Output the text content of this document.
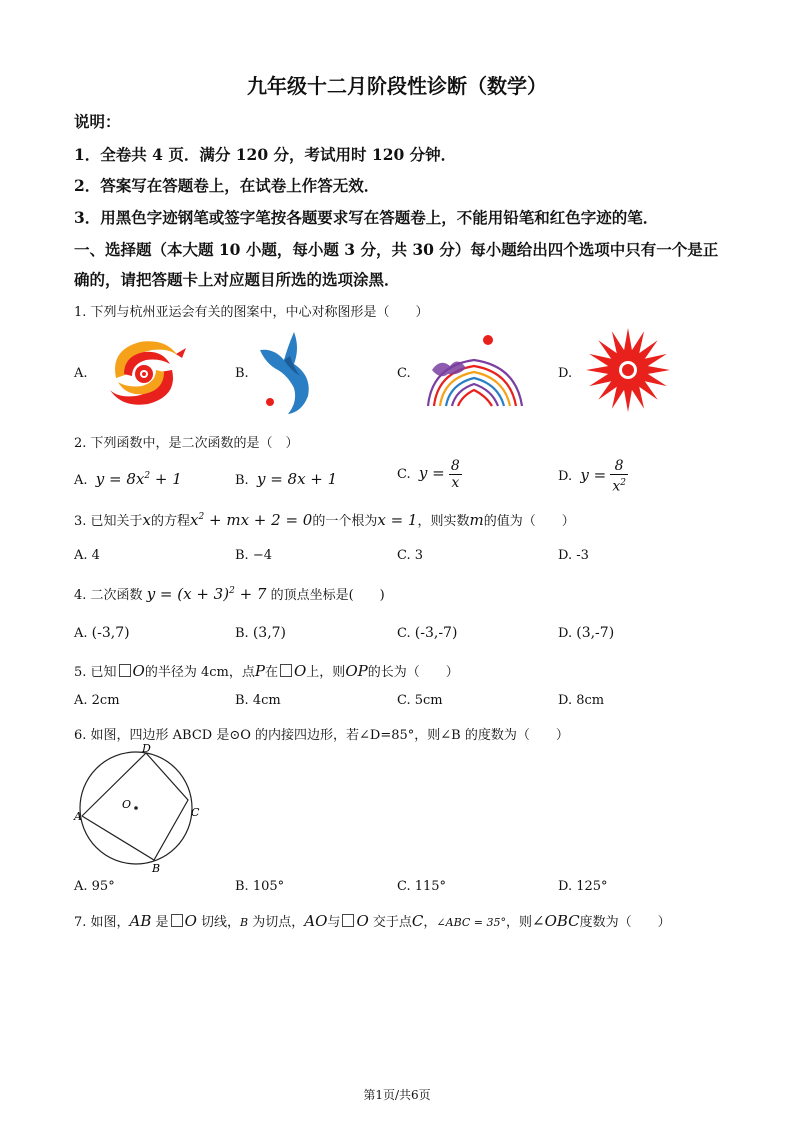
九年级十二月阶段性诊断（数学）
说明：
1．全卷共 4 页．满分 120 分，考试用时 120 分钟．
2．答案写在答题卷上，在试卷上作答无效．
3．用黑色字迹钢笔或签字笔按各题要求写在答题卷上，不能用铅笔和红色字迹的笔．
一、选择题（本大题 10 小题，每小题 3 分，共 30 分）每小题给出四个选项中只有一个是正
确的，请把答题卡上对应题目所选的选项涂黑．
1. 下列与杭州亚运会有关的图案中，中心对称图形是（　　）
A.	B.	C.	D.
2. 下列函数中，是二次函数的是（　）
A. $y = 8x^2 + 1$	B. y = 8x + 1	C. $y = \frac{8}{x}$	D. $y = \frac{8}{x^2}$
3. 已知关于x的方程$x^2$ + mx + 2 = 0的一个根为x = 1，则实数m的值为（　　）
A. 4	B. −4	C. 3	D. -3
4. 二次函数 $y = (x + 3)^2 + 7$ 的顶点坐标是(　　)
A. (-3,7)	B. (3,7)	C. (-3,-7)	D. (3,-7)
5. 已知 O的半径为 4cm，点P在 O上，则OP的长为（　　）
A. 2cm	B. 4cm	C. 5cm	D. 8cm
6. 如图，四边形 ABCD 是⊙O 的内接四边形，若∠D=85°，则∠B 的度数为（　　）
A
D
C
B
O
A. 95°	B. 105°	C. 115°	D. 125°
7. 如图，AB 是 O 切线，B 为切点，AO与 O 交于点C，∠ABC = 35°，则∠OBC度数为（　　）
第1页/共6页
